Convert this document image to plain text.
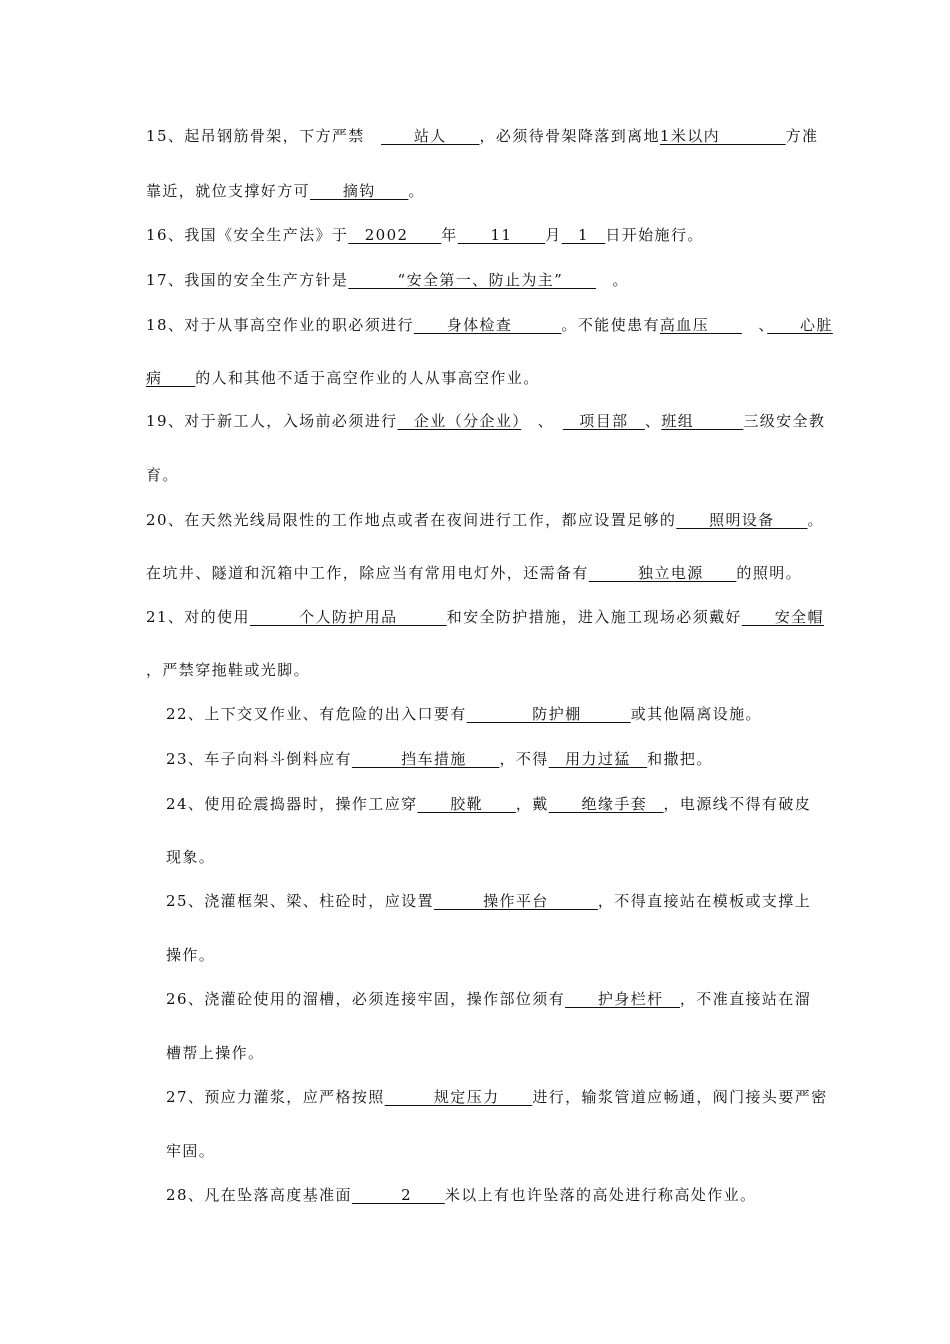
15、起吊钢筋骨架，下方严禁　　　站人　　，必须待骨架降落到离地1米以内　　　　方准
靠近，就位支撑好方可　　摘钩　　。
16、我国《安全生产法》于　2002　　年　　11　　月　1　日开始施行。
17、我国的安全生产方针是　　　“安全第一、防止为主”　　　。
18、对于从事高空作业的职必须进行　　身体检查　　　。不能使患有高血压　　　、　　心脏
病　　的人和其他不适于高空作业的人从事高空作业。
19、对于新工人，入场前必须进行　企业（分企业）　、　　项目部　、班组　　　三级安全教
育。
20、在天然光线局限性的工作地点或者在夜间进行工作，都应设置足够的　　照明设备　　。
在坑井、隧道和沉箱中工作，除应当有常用电灯外，还需备有　　　独立电源　　的照明。
21、对的使用　　　个人防护用品　　　和安全防护措施，进入施工现场必须戴好　　安全帽
，严禁穿拖鞋或光脚。
22、上下交叉作业、有危险的出入口要有　　　　防护棚　　　或其他隔离设施。
23、车子向料斗倒料应有　　　挡车措施　　，不得　用力过猛　和撒把。
24、使用砼震捣器时，操作工应穿　　胶靴　　，戴　　绝缘手套　，电源线不得有破皮
现象。
25、浇灌框架、梁、柱砼时，应设置　　　操作平台　　　，不得直接站在模板或支撑上
操作。
26、浇灌砼使用的溜槽，必须连接牢固，操作部位须有　　护身栏杆　，不准直接站在溜
槽帮上操作。
27、预应力灌浆，应严格按照　　　规定压力　　进行，输浆管道应畅通，阀门接头要严密
牢固。
28、凡在坠落高度基准面　　　2　　米以上有也许坠落的高处进行称高处作业。
